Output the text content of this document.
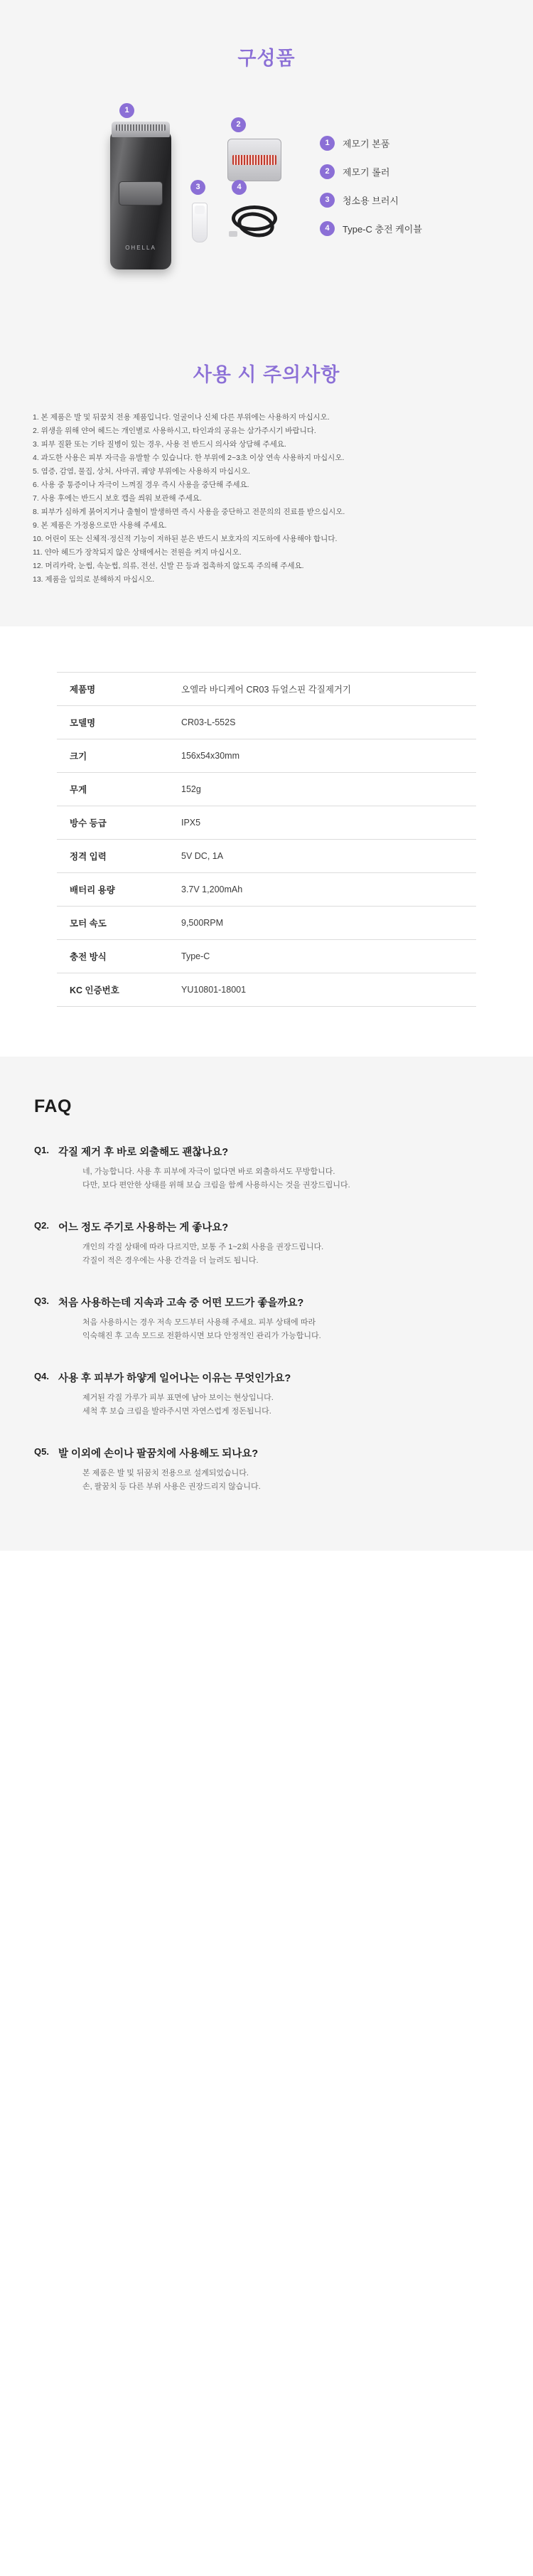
구성품
OHELLA
1
2
3	4
1	제모기 본품
2	제모기 롤러
3	청소용 브러시
4	Type-C 충전 케이블
사용 시 주의사항
1. 본 제품은 발 및 뒤꿈치 전용 제품입니다. 얼굴이나 신체 다른 부위에는 사용하지 마십시오.
2. 위생을 위해 얀여 헤드는 개인별로 사용하시고, 타인과의 공유는 삼가주시기 바랍니다.
3. 피부 질환 또는 기타 질병이 있는 경우, 사용 전 반드시 의사와 상담해 주세요.
4. 과도한 사용은 피부 자극을 유발할 수 있습니다. 한 부위에 2~3초 이상 연속 사용하지 마십시오.
5. 염증, 감염, 물집, 상처, 사마귀, 궤양 부위에는 사용하지 마십시오.
6. 사용 중 통증이나 자극이 느껴질 경우 즉시 사용을 중단해 주세요.
7. 사용 후에는 반드시 보호 캡을 씌워 보관해 주세요.
8. 피부가 심하게 붉어지거나 출혈이 발생하면 즉시 사용을 중단하고 전문의의 진료를 받으십시오.
9. 본 제품은 가정용으로만 사용해 주세요.
10. 어린이 또는 신체적·정신적 기능이 저하된 분은 반드시 보호자의 지도하에 사용해야 합니다.
11. 얀아 헤드가 장착되지 않은 상태에서는 전원을 켜지 마십시오.
12. 머리카락, 눈썹, 속눈썹, 의류, 전선, 신발 끈 등과 접촉하지 않도록 주의해 주세요.
13. 제품을 임의로 분해하지 마십시오.
제품명	오엘라 바디케어 CR03 듀얼스핀 각질제거기
모델명	CR03-L-552S
크기	156x54x30mm
무게	152g
방수 등급	IPX5
정격 입력	5V DC, 1A
배터리 용량	3.7V 1,200mAh
모터 속도	9,500RPM
충전 방식	Type-C
KC 인증번호	YU10801-18001
FAQ
Q1. 각질 제거 후 바로 외출해도 괜찮나요?

네, 가능합니다. 사용 후 피부에 자극이 없다면 바로 외출하셔도 무방합니다.

다만, 보다 편안한 상태를 위해 보습 크림을 함께 사용하시는 것을 권장드립니다.

Q2. 어느 정도 주기로 사용하는 게 좋나요?

개인의 각질 상태에 따라 다르지만, 보통 주 1~2회 사용을 권장드립니다.

각질이 적은 경우에는 사용 간격을 더 늘려도 됩니다.

Q3. 처음 사용하는데 지속과 고속 중 어떤 모드가 좋을까요?

처음 사용하시는 경우 저속 모드부터 사용해 주세요. 피부 상태에 따라

익숙해진 후 고속 모드로 전환하시면 보다 안정적인 관리가 가능합니다.

Q4. 사용 후 피부가 하얗게 일어나는 이유는 무엇인가요?

제거된 각질 가루가 피부 표면에 남아 보이는 현상입니다.

세척 후 보습 크림을 발라주시면 자연스럽게 정돈됩니다.

Q5. 발 이외에 손이나 팔꿈치에 사용해도 되나요?

본 제품은 발 및 뒤꿈치 전용으로 설계되었습니다.

손, 팔꿈치 등 다른 부위 사용은 권장드리지 않습니다.
